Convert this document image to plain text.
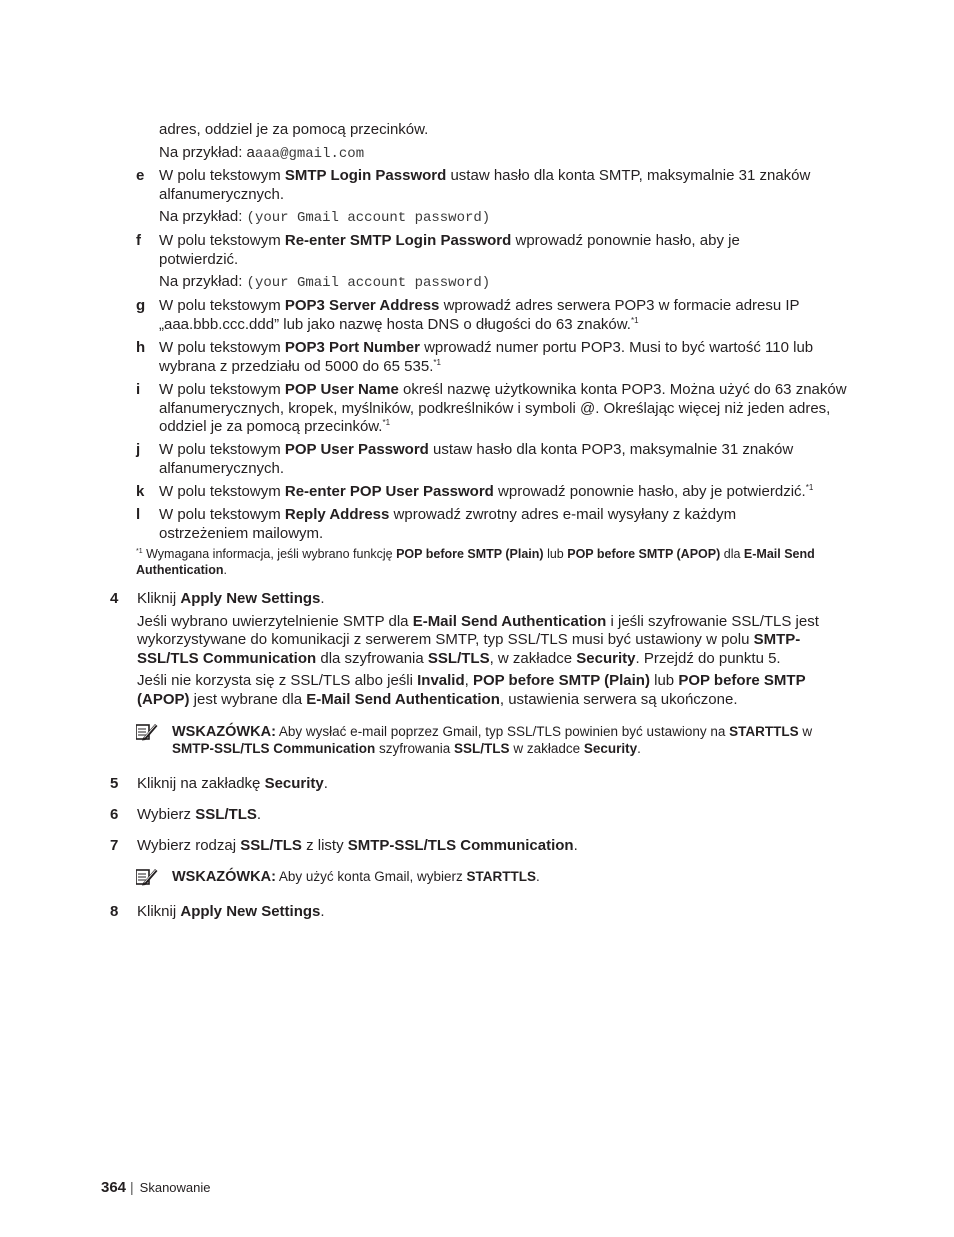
adres, oddziel je za pomocą przecinków.
Na przykład: aaaa@gmail.com
e W polu tekstowym SMTP Login Password ustaw hasło dla konta SMTP, maksymalnie 31 znaków alfanumerycznych.
Na przykład: (your Gmail account password)
f W polu tekstowym Re-enter SMTP Login Password wprowadź ponownie hasło, aby je potwierdzić.
Na przykład: (your Gmail account password)
g W polu tekstowym POP3 Server Address wprowadź adres serwera POP3 w formacie adresu IP „aaa.bbb.ccc.ddd” lub jako nazwę hosta DNS o długości do 63 znaków.$^{*1}$
h W polu tekstowym POP3 Port Number wprowadź numer portu POP3. Musi to być wartość 110 lub wybrana z przedziału od 5000 do 65 535.$^{*1}$
i W polu tekstowym POP User Name określ nazwę użytkownika konta POP3. Można użyć do 63 znaków alfanumerycznych, kropek, myślników, podkreślników i symboli @. Określając więcej niż jeden adres, oddziel je za pomocą przecinków.$^{*1}$
j W polu tekstowym POP User Password ustaw hasło dla konta POP3, maksymalnie 31 znaków alfanumerycznych.
k W polu tekstowym Re-enter POP User Password wprowadź ponownie hasło, aby je potwierdzić.$^{*1}$
l W polu tekstowym Reply Address wprowadź zwrotny adres e-mail wysyłany z każdym ostrzeżeniem mailowym.
$^{*1}$ Wymagana informacja, jeśli wybrano funkcję POP before SMTP (Plain) lub POP before SMTP (APOP) dla E-Mail Send Authentication.
4 Kliknij Apply New Settings.
Jeśli wybrano uwierzytelnienie SMTP dla E-Mail Send Authentication i jeśli szyfrowanie SSL/TLS jest wykorzystywane do komunikacji z serwerem SMTP, typ SSL/TLS musi być ustawiony w polu SMTP-SSL/TLS Communication dla szyfrowania SSL/TLS, w zakładce Security. Przejdź do punktu 5.
Jeśli nie korzysta się z SSL/TLS albo jeśli Invalid, POP before SMTP (Plain) lub POP before SMTP (APOP) jest wybrane dla E-Mail Send Authentication, ustawienia serwera są ukończone.
WSKAZÓWKA: Aby wysłać e-mail poprzez Gmail, typ SSL/TLS powinien być ustawiony na STARTTLS w SMTP-SSL/TLS Communication szyfrowania SSL/TLS w zakładce Security.
5 Kliknij na zakładkę Security.
6 Wybierz SSL/TLS.
7 Wybierz rodzaj SSL/TLS z listy SMTP-SSL/TLS Communication.
WSKAZÓWKA: Aby użyć konta Gmail, wybierz STARTTLS.
8 Kliknij Apply New Settings.
364 | Skanowanie
